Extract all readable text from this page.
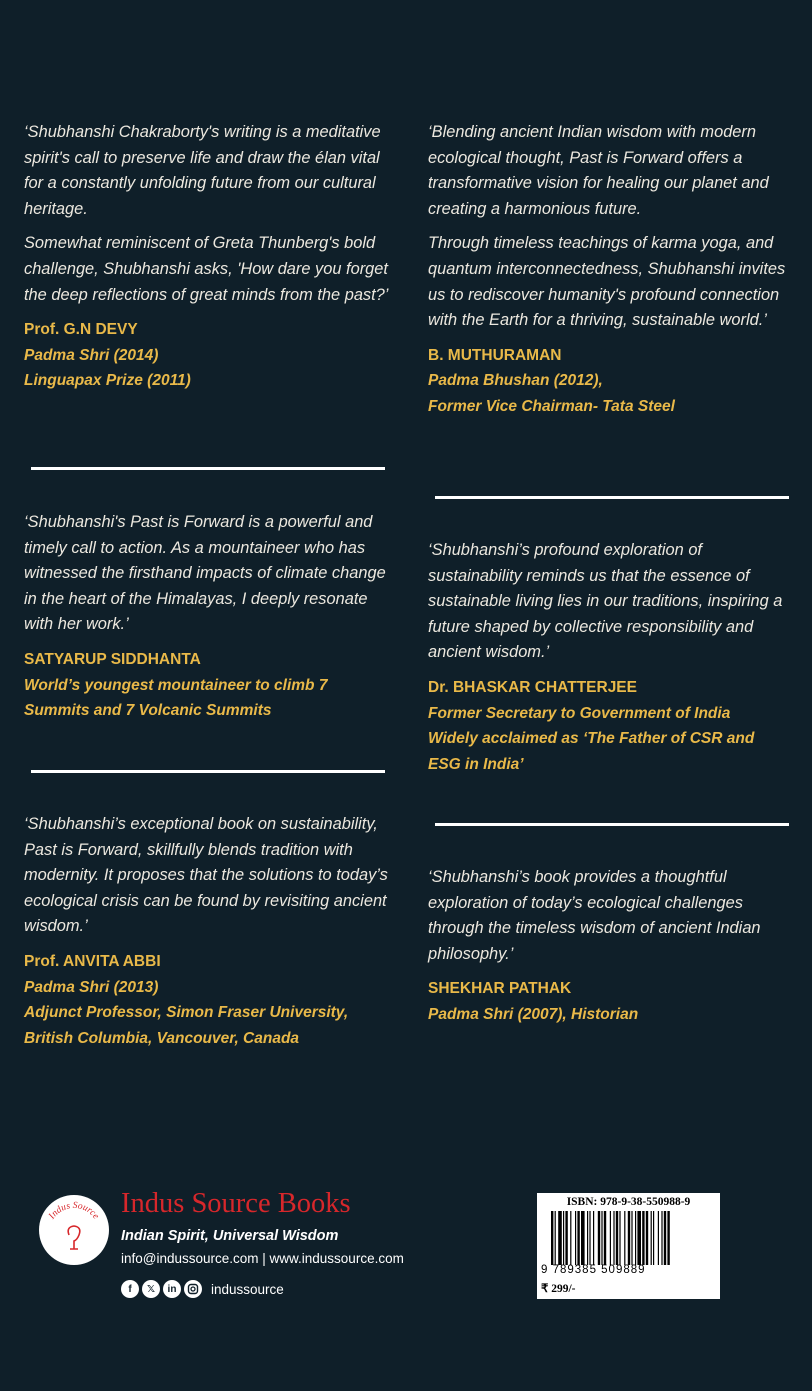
‘Shubhanshi Chakraborty's writing is a meditative spirit's call to preserve life and draw the élan vital for a constantly unfolding future from our cultural heritage.

Somewhat reminiscent of Greta Thunberg's bold challenge, Shubhanshi asks, 'How dare you forget the deep reflections of great minds from the past?’

Prof. G.N DEVY
Padma Shri (2014)
Linguapax Prize (2011)

‘Blending ancient Indian wisdom with modern ecological thought, Past is Forward offers a transformative vision for healing our planet and creating a harmonious future.

Through timeless teachings of karma yoga, and quantum interconnectedness, Shubhanshi invites us to rediscover humanity's profound connection with the Earth for a thriving, sustainable world.’

B. MUTHURAMAN
Padma Bhushan (2012),
Former Vice Chairman- Tata Steel

‘Shubhanshi's Past is Forward is a powerful and timely call to action. As a mountaineer who has witnessed the firsthand impacts of climate change in the heart of the Himalayas, I deeply resonate with her work.’

SATYARUP SIDDHANTA
World’s youngest mountaineer to climb 7
Summits and 7 Volcanic Summits

‘Shubhanshi’s profound exploration of sustainability reminds us that the essence of sustainable living lies in our traditions, inspiring a future shaped by collective responsibility and ancient wisdom.’

Dr. BHASKAR CHATTERJEE
Former Secretary to Government of India
Widely acclaimed as ‘The Father of CSR and
ESG in India’

‘Shubhanshi’s exceptional book on sustainability, Past is Forward, skillfully blends tradition with modernity. It proposes that the solutions to today’s ecological crisis can be found by revisiting ancient wisdom.’

Prof. ANVITA ABBI
Padma Shri (2013)
Adjunct Professor, Simon Fraser University,
British Columbia, Vancouver, Canada

‘Shubhanshi’s book provides a thoughtful exploration of today’s ecological challenges through the timeless wisdom of ancient Indian philosophy.’

SHEKHAR PATHAK
Padma Shri (2007), Historian
Indus Source Indus Source Books
Indian Spirit, Universal Wisdom
info@indussource.com | www.indussource.com
f	𝕏	in	indussource
ISBN: 978-9-38-550988-9
9 789385 509889
₹ 299/-
